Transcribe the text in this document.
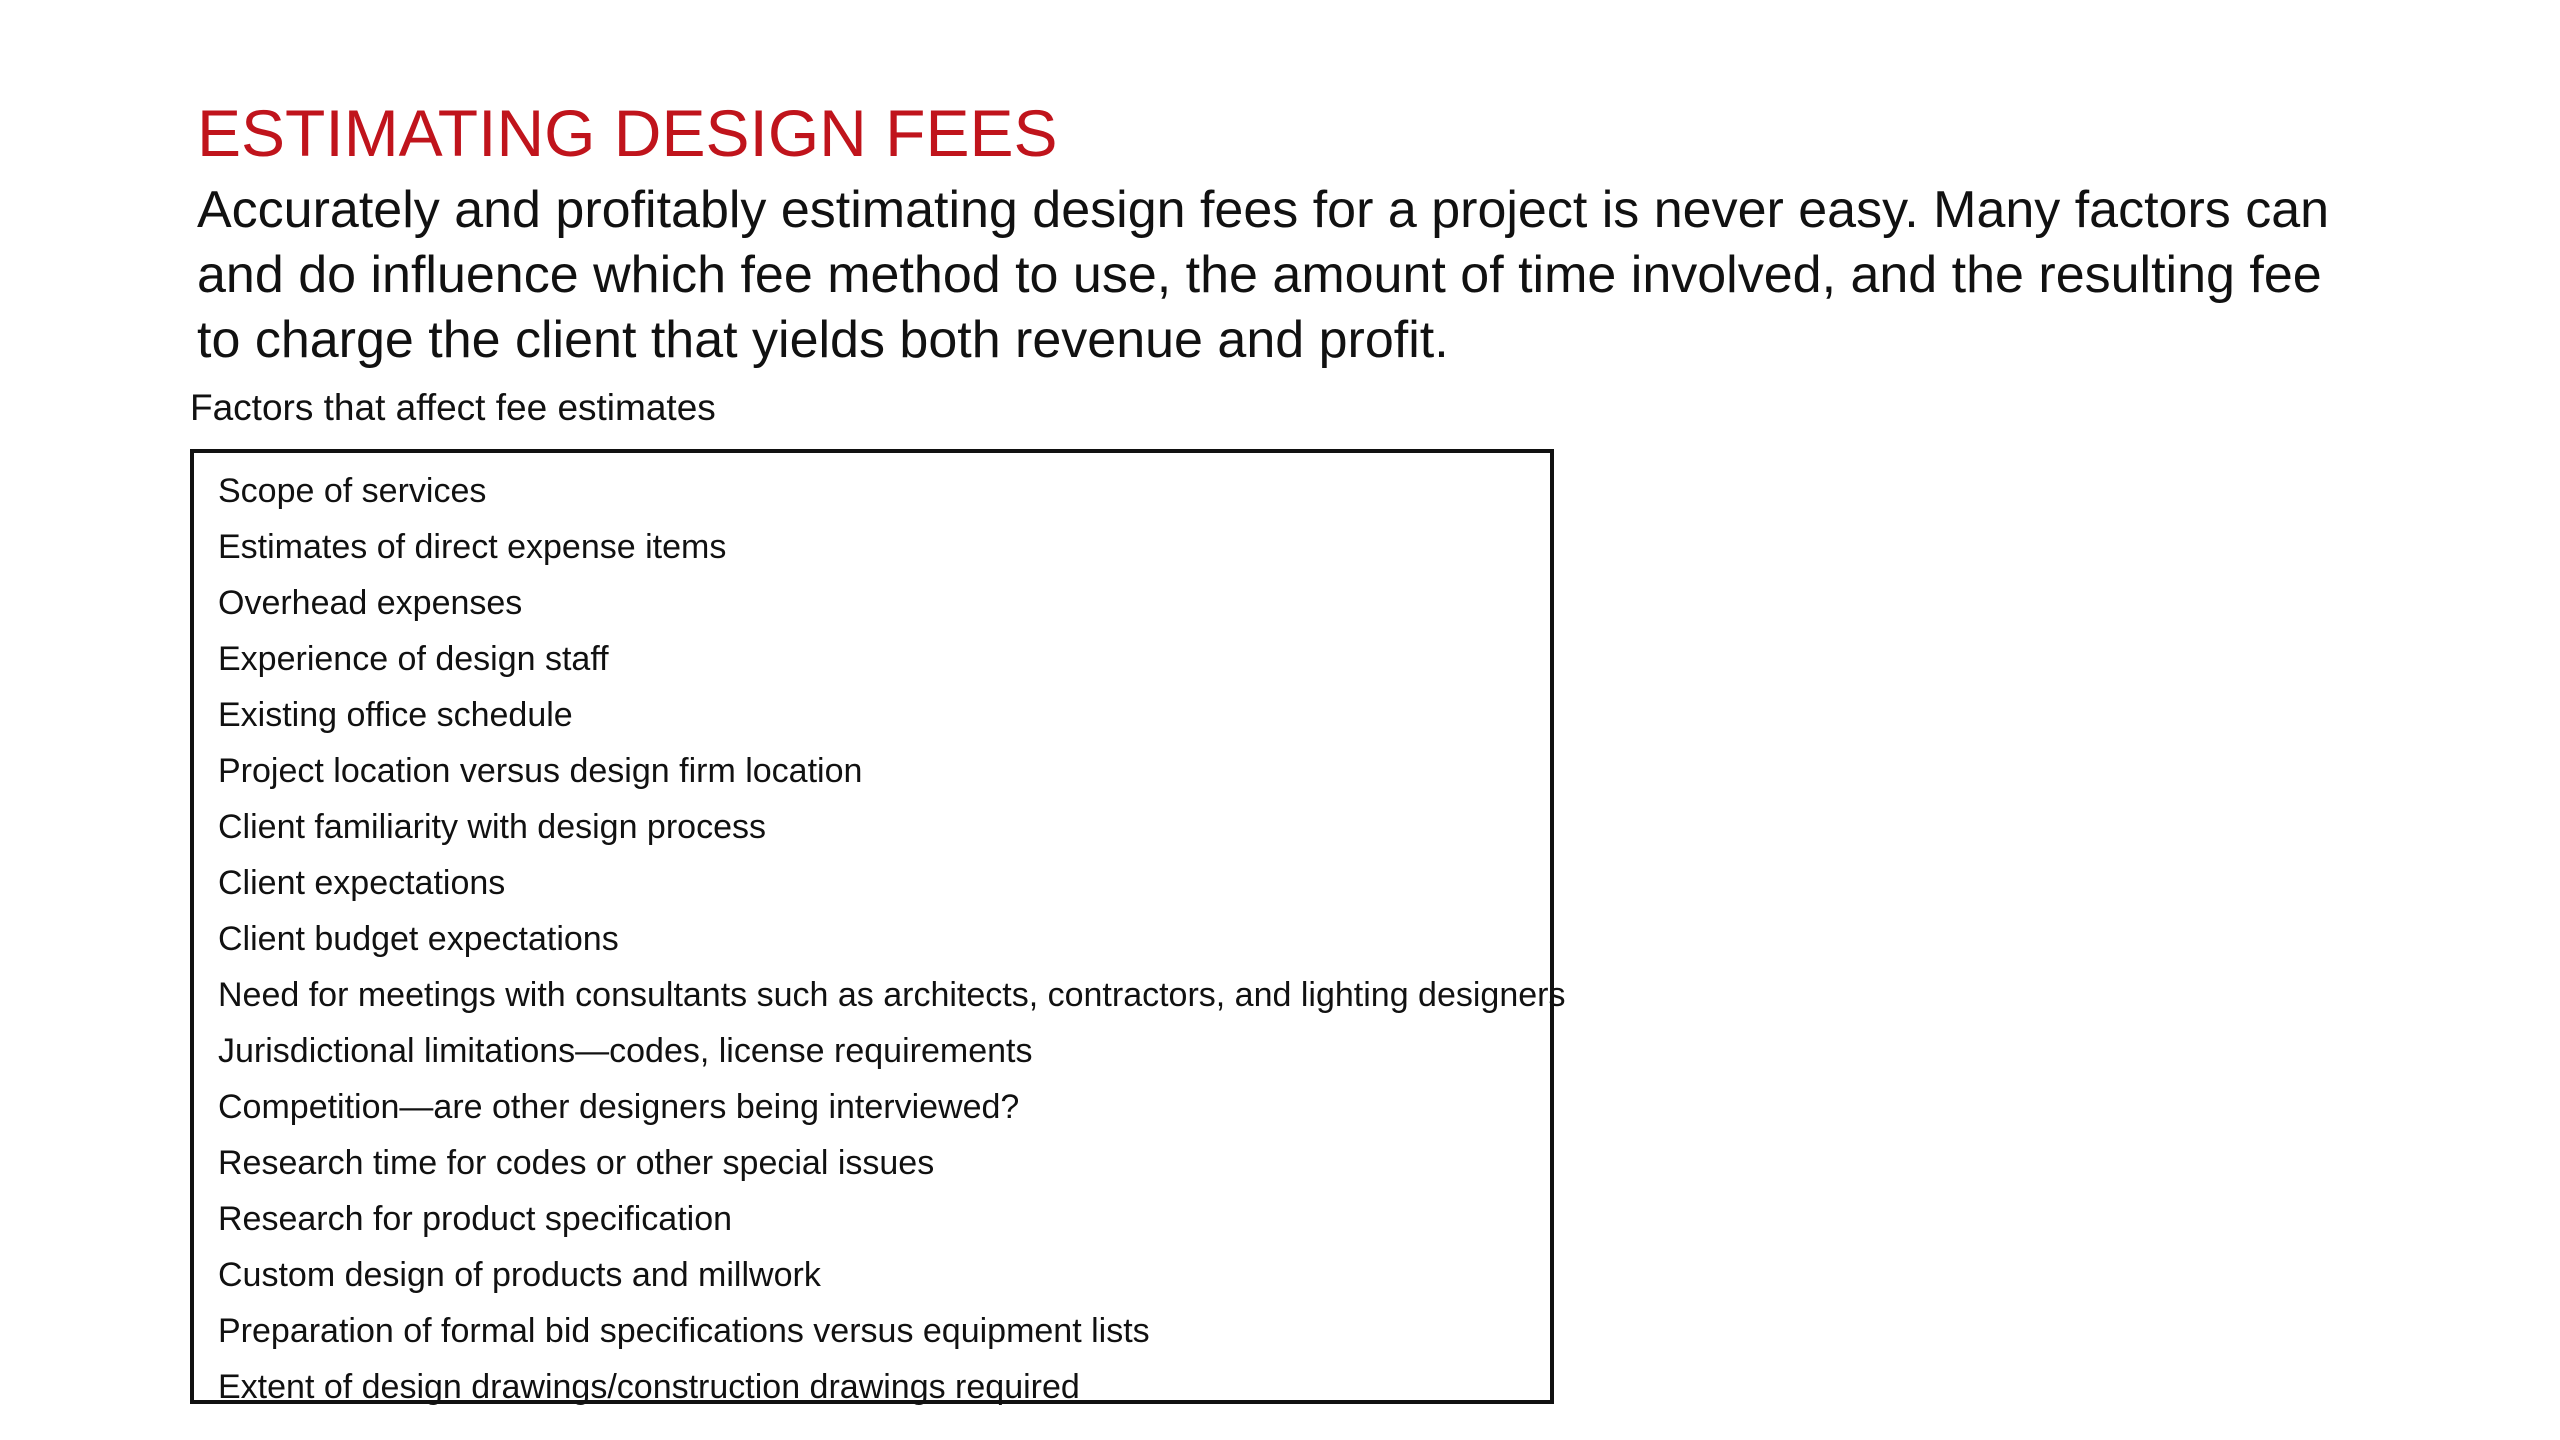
ESTIMATING DESIGN FEES

Accurately and profitably estimating design fees for a project is never easy. Many factors can and do influence which fee method to use, the amount of time involved, and the resulting fee to charge the client that yields both revenue and profit.

Factors that affect fee estimates

Scope of services
Estimates of direct expense items
Overhead expenses
Experience of design staff
Existing office schedule
Project location versus design firm location
Client familiarity with design process
Client expectations
Client budget expectations
Need for meetings with consultants such as architects, contractors, and lighting designers
Jurisdictional limitations—codes, license requirements
Competition—are other designers being interviewed?
Research time for codes or other special issues
Research for product specification
Custom design of products and millwork
Preparation of formal bid specifications versus equipment lists
Extent of design drawings/construction drawings required
